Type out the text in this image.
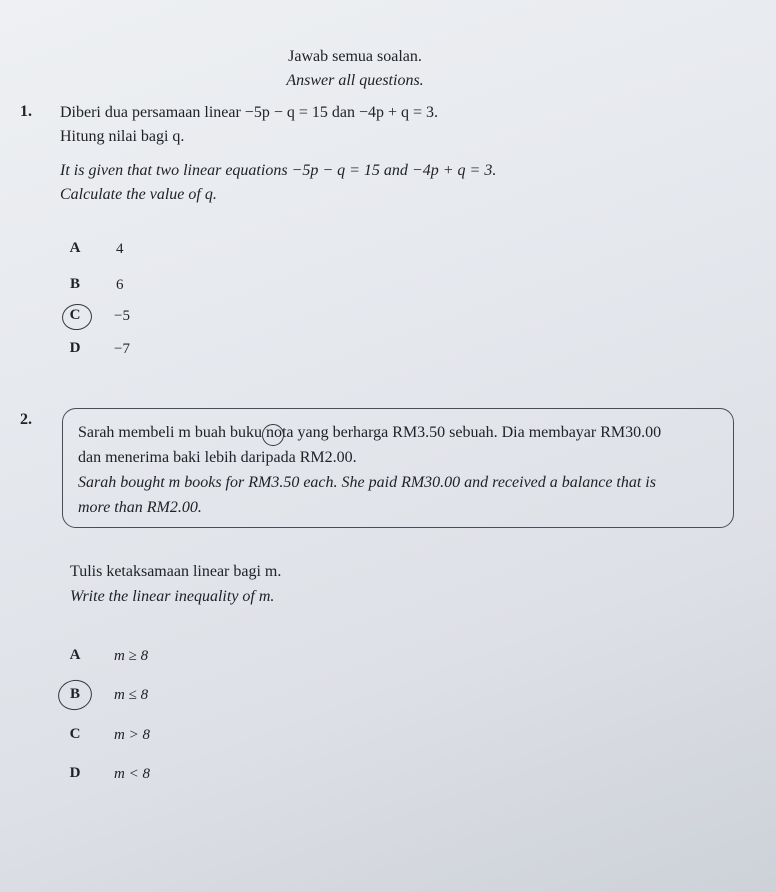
Jawab semua soalan.
Answer all questions.
1. Diberi dua persamaan linear −5p − q = 15 dan −4p + q = 3.
Hitung nilai bagi q.
It is given that two linear equations −5p − q = 15 and −4p + q = 3.
Calculate the value of q.
A	4
B	6
C	−5
D	−7
2.
Sarah membeli m buah buku nota yang berharga RM3.50 sebuah. Dia membayar RM30.00
dan menerima baki lebih daripada RM2.00.
Sarah bought m books for RM3.50 each. She paid RM30.00 and received a balance that is
more than RM2.00.
Tulis ketaksamaan linear bagi m.
Write the linear inequality of m.
A	m ≥ 8
B	m ≤ 8
C	m > 8
D	m < 8
